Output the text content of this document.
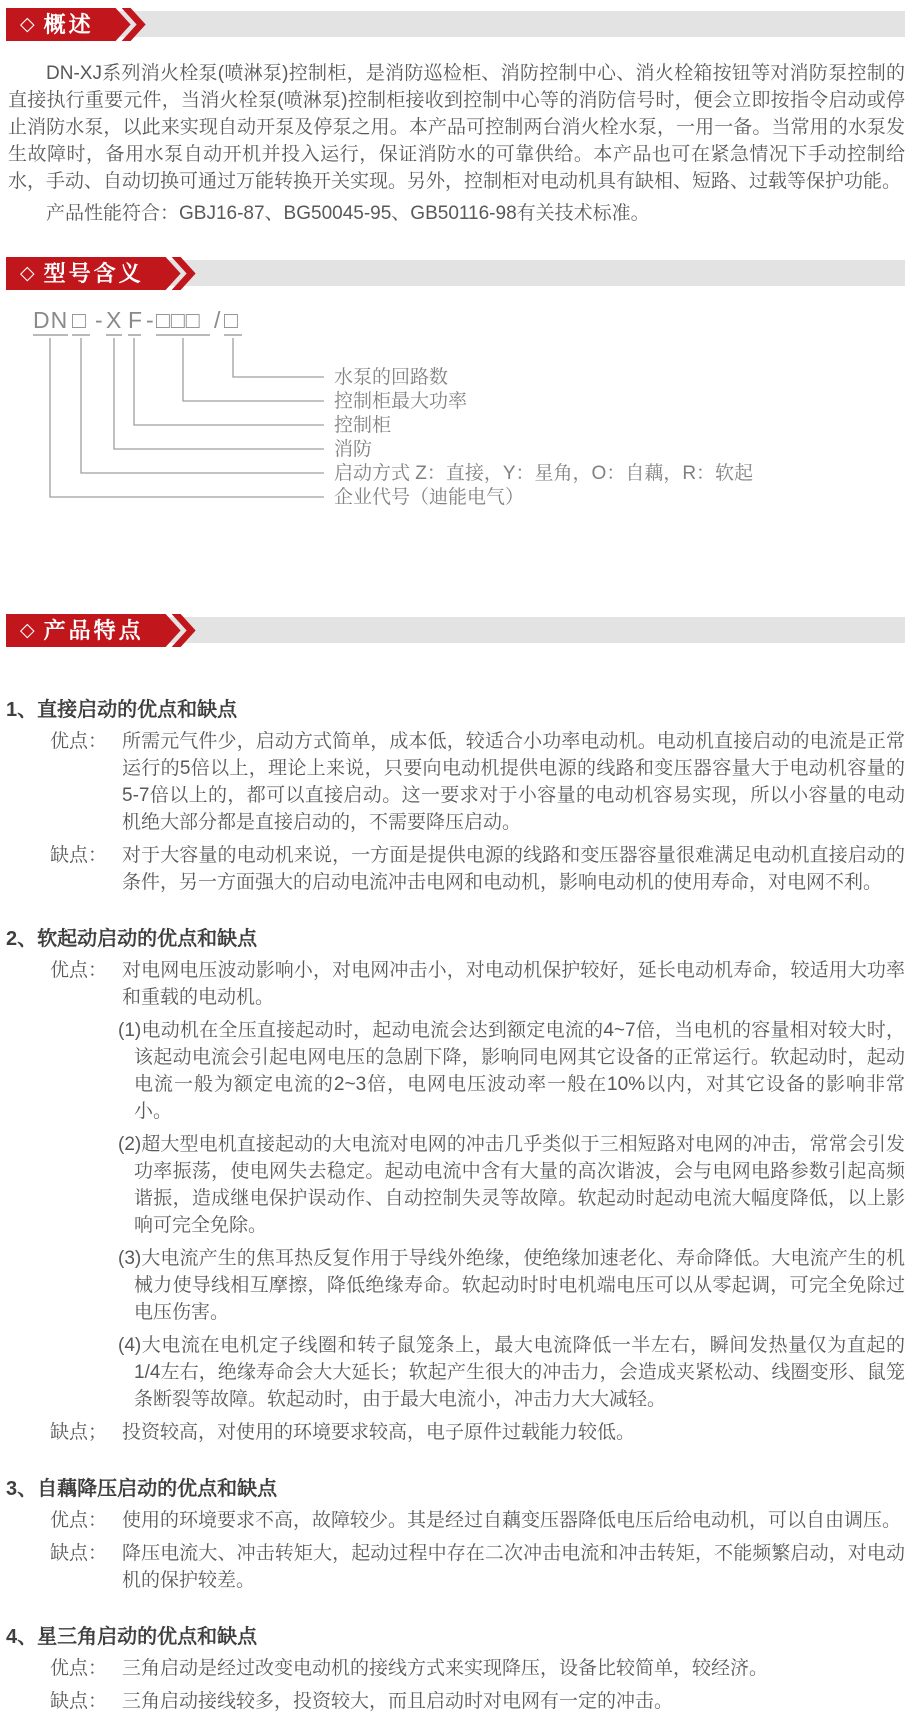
◇ 概述

DN-XJ系列消火栓泵(喷淋泵)控制柜，是消防巡检柜、消防控制中心、消火栓箱按钮等对消防泵控制的直接执行重要元件，当消火栓泵(喷淋泵)控制柜接收到控制中心等的消防信号时，便会立即按指令启动或停止消防水泵，以此来实现自动开泵及停泵之用。本产品可控制两台消火栓水泵，一用一备。当常用的水泵发生故障时，备用水泵自动开机并投入运行，保证消防水的可靠供给。本产品也可在紧急情况下手动控制给水，手动、自动切换可通过万能转换开关实现。另外，控制柜对电动机具有缺相、短路、过载等保护功能。

产品性能符合：GBJ16-87、BG50045-95、GB50116-98有关技术标准。

◇ 型号含义
DN □ - X F - □□□ / □
水泵的回路数
控制柜最大功率
控制柜
消防
启动方式 Z：直接，Y：星角，O：自藕，R：软起
企业代号（迪能电气）
◇ 产品特点
1、直接启动的优点和缺点
优点： 所需元气件少，启动方式简单，成本低，较适合小功率电动机。电动机直接启动的电流是正常运行的5倍以上，理论上来说，只要向电动机提供电源的线路和变压器容量大于电动机容量的5-7倍以上的，都可以直接启动。这一要求对于小容量的电动机容易实现，所以小容量的电动机绝大部分都是直接启动的，不需要降压启动。
缺点： 对于大容量的电动机来说，一方面是提供电源的线路和变压器容量很难满足电动机直接启动的条件，另一方面强大的启动电流冲击电网和电动机，影响电动机的使用寿命，对电网不利。
2、软起动启动的优点和缺点
优点： 对电网电压波动影响小，对电网冲击小，对电动机保护较好，延长电动机寿命，较适用大功率和重载的电动机。
(1)电动机在全压直接起动时，起动电流会达到额定电流的4~7倍，当电机的容量相对较大时，该起动电流会引起电网电压的急剧下降，影响同电网其它设备的正常运行。软起动时，起动电流一般为额定电流的2~3倍，电网电压波动率一般在10%以内，对其它设备的影响非常小。
(2)超大型电机直接起动的大电流对电网的冲击几乎类似于三相短路对电网的冲击，常常会引发功率振荡，使电网失去稳定。起动电流中含有大量的高次谐波，会与电网电路参数引起高频谐振，造成继电保护误动作、自动控制失灵等故障。软起动时起动电流大幅度降低，以上影响可完全免除。
(3)大电流产生的焦耳热反复作用于导线外绝缘，使绝缘加速老化、寿命降低。大电流产生的机械力使导线相互摩擦，降低绝缘寿命。软起动时时电机端电压可以从零起调，可完全免除过电压伤害。
(4)大电流在电机定子线圈和转子鼠笼条上，最大电流降低一半左右，瞬间发热量仅为直起的1/4左右，绝缘寿命会大大延长；软起产生很大的冲击力，会造成夹紧松动、线圈变形、鼠笼条断裂等故障。软起动时，由于最大电流小，冲击力大大减轻。
缺点； 投资较高，对使用的环境要求较高，电子原件过载能力较低。
3、自藕降压启动的优点和缺点
优点： 使用的环境要求不高，故障较少。其是经过自藕变压器降低电压后给电动机，可以自由调压。
缺点： 降压电流大、冲击转矩大，起动过程中存在二次冲击电流和冲击转矩，不能频繁启动，对电动机的保护较差。
4、星三角启动的优点和缺点
优点： 三角启动是经过改变电动机的接线方式来实现降压，设备比较简单，较经济。
缺点： 三角启动接线较多，投资较大，而且启动时对电网有一定的冲击。
